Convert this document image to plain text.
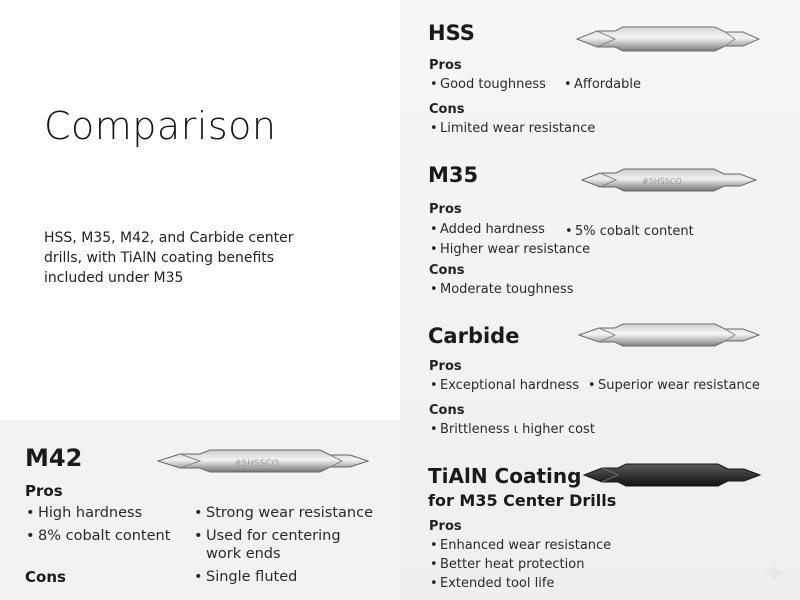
Comparison
HSS, M35, M42, and Carbide center drills, with TiAlN coating benefits included under M35
HSS
Pros
• Good toughness	• Affordable
Cons
• Limited wear resistance
M35	#5HSSCO
Pros
• Added hardness	• 5% cobalt content
• Higher wear resistance
Cons
• Moderate toughness
Carbide
Pros
• Exceptional hardness	• Superior wear resistance
Cons
• Brittleness ι higher cost
TiAlN Coating
for M35 Center Drills
Pros
• Enhanced wear resistance
• Better heat protection
• Extended tool life
M42	#5HSSCO
Pros
• High hardness	• Strong wear resistance
• 8% cobalt content	• Used for centering
work ends
Cons	• Single fluted
